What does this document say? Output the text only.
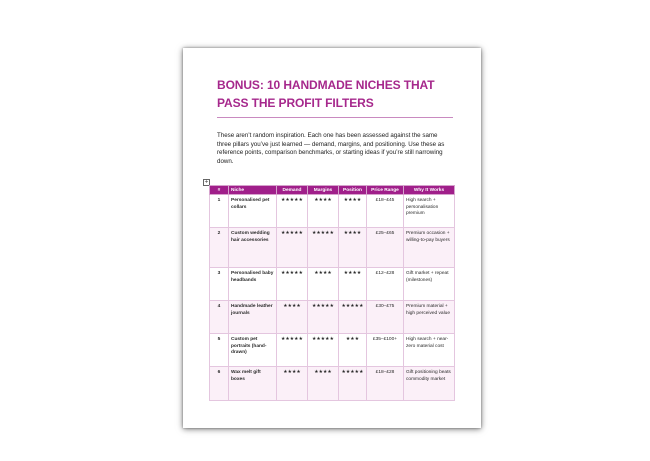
BONUS: 10 HANDMADE NICHES THAT PASS THE PROFIT FILTERS

These aren’t random inspiration. Each one has been assessed against the same three pillars you’ve just learned — demand, margins, and positioning. Use these as reference points, comparison benchmarks, or starting ideas if you’re still narrowing down.

+
#	Niche	Demand	Margins	Position	Price Range	Why It Works
1	Personalised pet collars	★★★★★	★★★★	★★★★	£18–£45	High search + personalisation premium
2	Custom wedding hair accessories	★★★★★	★★★★★	★★★★	£25–£65	Premium occasion + willing-to-pay buyers
3	Personalised baby headbands	★★★★★	★★★★	★★★★	£12–£28	Gift market + repeat (milestones)
4	Handmade leather journals	★★★★	★★★★★	★★★★★	£30–£75	Premium material + high perceived value
5	Custom pet portraits (hand-drawn)	★★★★★	★★★★★	★★★	£35–£100+	High search + near-zero material cost
6	Wax melt gift boxes	★★★★	★★★★	★★★★★	£18–£28	Gift positioning beats commodity market
